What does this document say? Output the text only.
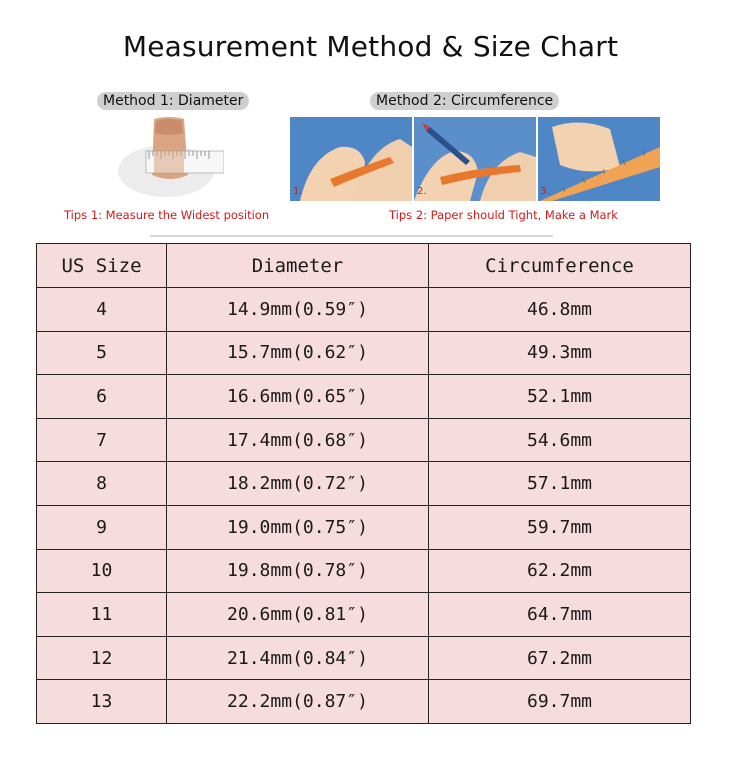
Measurement Method & Size Chart
Method 1: Diameter	Method 2: Circumference
1.	2.	3.
Tips 1: Measure the Widest position	Tips 2: Paper should Tight, Make a Mark
US Size	Diameter	Circumference
4	14.9mm(0.59″)	46.8mm
5	15.7mm(0.62″)	49.3mm
6	16.6mm(0.65″)	52.1mm
7	17.4mm(0.68″)	54.6mm
8	18.2mm(0.72″)	57.1mm
9	19.0mm(0.75″)	59.7mm
10	19.8mm(0.78″)	62.2mm
11	20.6mm(0.81″)	64.7mm
12	21.4mm(0.84″)	67.2mm
13	22.2mm(0.87″)	69.7mm
